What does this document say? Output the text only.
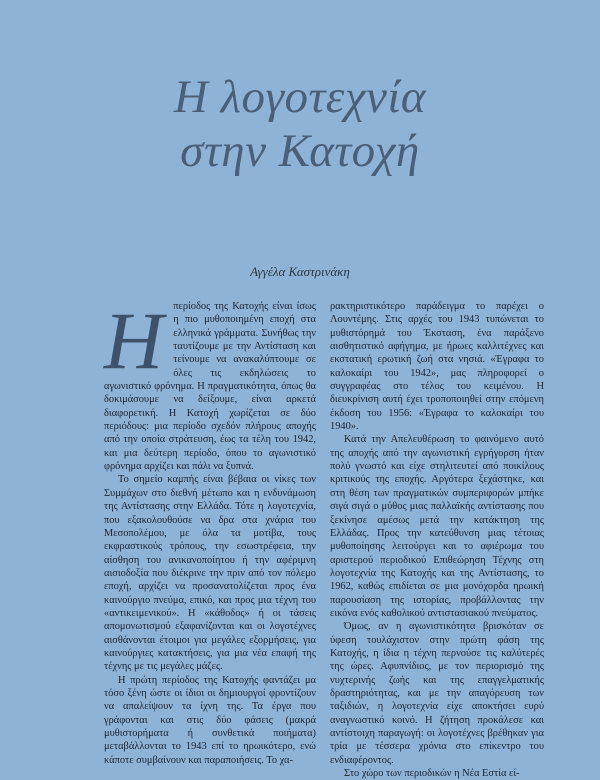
Η λογοτεχνία
στην Κατοχή
Αγγέλα Καστρινάκη

Η περίοδος της Κατοχής είναι ίσως η πιο μυθοποιημένη εποχή στα ελληνικά γράμματα. Συνήθως την ταυτίζουμε με την Αντίσταση και τείνουμε να ανακαλύπτουμε σε όλες τις εκδηλώσεις το αγωνιστικό φρόνημα. Η πραγματικότητα, όπως θα δοκιμάσουμε να δείξουμε, είναι αρκετά διαφορετική. Η Κατοχή χωρίζεται σε δύο περιόδους: μια περίοδο σχεδόν πλήρους αποχής από την οποία στράτευση, έως τα τέλη του 1942, και μια δεύτερη περίοδο, όπου το αγωνιστικό φρόνημα αρχίζει και πάλι να ξυπνά.

Το σημείο καμπής είναι βέβαια οι νίκες των Συμμάχων στο διεθνή μέτωπο και η ενδυνάμωση της Αντίστασης στην Ελλάδα. Τότε η λογοτεχνία, που εξακολουθούσε να δρα στα χνάρια του Μεσοπολέμου, με όλα τα μοτίβα, τους εκφραστικούς τρόπους, την εσωστρέφεια, την αίσθηση του ανικανοποίητου ή την αφέριμνη αισιοδοξία που διέκρινε την πριν από τον πόλεμο εποχή, αρχίζει να προσανατολίζεται προς ένα καινούργιο πνεύμα, επικό, και προς μια τέχνη του «αντικειμενικού». Η «κάθοδος» ή οι τάσεις απομονωτισμού εξαφανίζονται και οι λογοτέχνες αισθάνονται έτοιμοι για μεγάλες εξορμήσεις, για καινούργιες κατακτήσεις, για μια νέα επαφή της τέχνης με τις μεγάλες μάζες.

Η πρώτη περίοδος της Κατοχής φαντάζει μα τόσο ξένη ώστε οι ίδιοι οι δημιουργοί φροντίζουν να απαλείψουν τα ίχνη της. Τα έργα που γράφονται και στις δύο φάσεις (μακρά μυθιστορήματα ή συνθετικά ποιήματα) μεταβάλλονται το 1943 επί το ηρωικότερο, ενώ κάποτε συμβαίνουν και παραποιήσεις. Το χα-

ρακτηριστικότερο παράδειγμα το παρέχει ο Λουντέμης. Στις αρχές του 1943 τυπώνεται το μυθιστόρημά του Έκσταση, ένα παράξενο αισθητιστικό αφήγημα, με ήρωες καλλιτέχνες και εκστατική ερωτική ζωή στα νησιά. «Έγραφα το καλοκαίρι του 1942», μας πληροφορεί ο συγγραφέας στο τέλος του κειμένου. Η διευκρίνιση αυτή έχει τροποποιηθεί στην επόμενη έκδοση του 1956: «Έγραφα το καλοκαίρι του 1940».

Κατά την Απελευθέρωση το φαινόμενο αυτό της αποχής από την αγωνιστική εγρήγορση ήταν πολύ γνωστό και είχε στηλιτευτεί από ποικίλους κριτικούς της εποχής. Αργότερα ξεχάστηκε, και στη θέση των πραγματικών συμπεριφορών μπήκε σιγά σιγά ο μύθος μιας παλλαϊκής αντίστασης που ξεκίνησε αμέσως μετά την κατάκτηση της Ελλάδας. Προς την κατεύθυνση μιας τέτοιας μυθοποίησης λειτούργει και το αφιέρωμα του αριστερού περιοδικού Επιθεώρηση Τέχνης στη λογοτεχνία της Κατοχής και της Αντίστασης, το 1962, καθώς επιδίεται σε μια μονόχορδα ηρωική παρουσίαση της ιστορίας, προβάλλοντας την εικόνα ενός καθολικού αντιστασιακού πνεύματος.

Όμως, αν η αγωνιστικότητα βρισκόταν σε ύφεση τουλάχιστον στην πρώτη φάση της Κατοχής, η ίδια η τέχνη περνούσε τις καλύτερές της ώρες. Αφυπνίδιος, με τον περιορισμό της νυχτερινής ζωής και της επαγγελματικής δραστηριότητας, και με την απαγόρευση των ταξιδιών, η λογοτεχνία είχε αποκτήσει ευρύ αναγνωστικό κοινό. Η ζήτηση προκάλεσε και αντίστοιχη παραγωγή: οι λογοτέχνες βρέθηκαν για τρία με τέσσερα χρόνια στο επίκεντρο του ενδιαφέροντος.

Στο χώρο των περιοδικών η Νέα Εστία εί-
